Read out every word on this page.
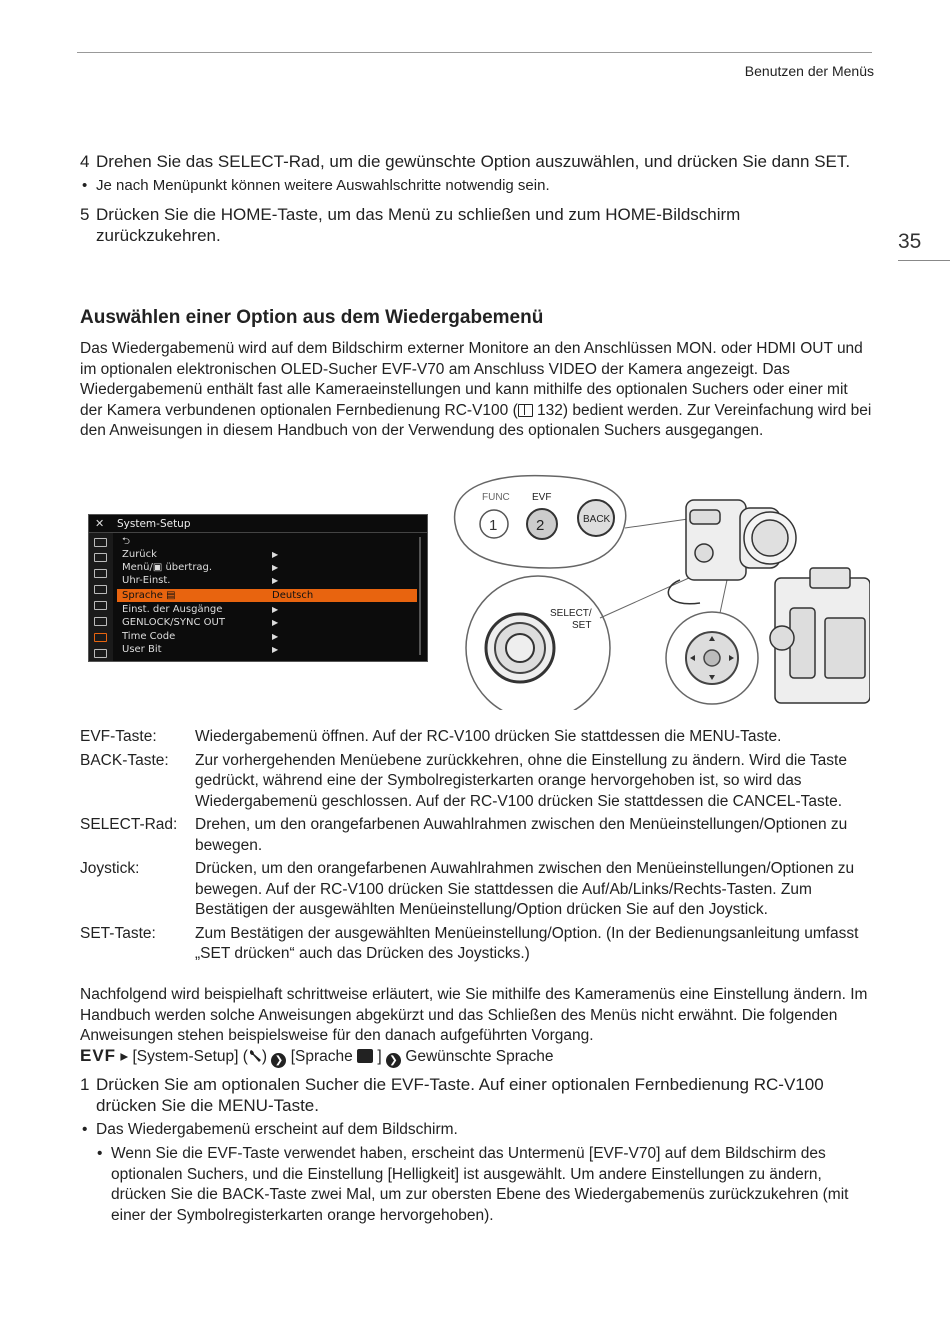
Benutzen der Menüs
35
4 Drehen Sie das SELECT-Rad, um die gewünschte Option auszuwählen, und drücken Sie dann SET.
• Je nach Menüpunkt können weitere Auswahlschritte notwendig sein.
5 Drücken Sie die HOME-Taste, um das Menü zu schließen und zum HOME-Bildschirm zurückzukehren.
Auswählen einer Option aus dem Wiedergabemenü
Das Wiedergabemenü wird auf dem Bildschirm externer Monitore an den Anschlüssen MON. oder HDMI OUT und im optionalen elektronischen OLED-Sucher EVF-V70 am Anschluss VIDEO der Kamera angezeigt. Das Wiedergabemenü enthält fast alle Kameraeinstellungen und kann mithilfe des optionalen Suchers oder einer mit der Kamera verbundenen optionalen Fernbedienung RC-V100 ( 132) bedient werden. Zur Vereinfachung wird bei den Anweisungen in diesem Handbuch von der Verwendung des optionalen Suchers ausgegangen.
✕ System-Setup
⮌
Zurück	▶
Menü/▣ übertrag.	▶
Uhr-Einst.	▶
Sprache ▤	Deutsch
Einst. der Ausgänge	▶
GENLOCK/SYNC OUT	▶
Time Code	▶
User Bit	▶
FUNC EVF
1	2	BACK
SELECT/
SET
EVF-Taste:	Wiedergabemenü öffnen. Auf der RC-V100 drücken Sie stattdessen die MENU-Taste.
BACK-Taste:	Zur vorhergehenden Menüebene zurückkehren, ohne die Einstellung zu ändern. Wird die Taste gedrückt, während eine der Symbolregisterkarten orange hervorgehoben ist, so wird das Wiedergabemenü geschlossen. Auf der RC-V100 drücken Sie stattdessen die CANCEL-Taste.
SELECT-Rad:	Drehen, um den orangefarbenen Auwahlrahmen zwischen den Menüeinstellungen/Optionen zu bewegen.
Joystick:	Drücken, um den orangefarbenen Auwahlrahmen zwischen den Menüeinstellungen/Optionen zu bewegen. Auf der RC-V100 drücken Sie stattdessen die Auf/Ab/Links/Rechts-Tasten. Zum Bestätigen der ausgewählten Menüeinstellung/Option drücken Sie auf den Joystick.
SET-Taste:	Zum Bestätigen der ausgewählten Menüeinstellung/Option. (In der Bedienungsanleitung umfasst „SET drücken“ auch das Drücken des Joysticks.)
Nachfolgend wird beispielhaft schrittweise erläutert, wie Sie mithilfe des Kameramenüs eine Einstellung ändern. Im Handbuch werden solche Anweisungen abgekürzt und das Schließen des Menüs nicht erwähnt. Die folgenden Anweisungen stehen beispielsweise für den danach aufgeführten Vorgang.
EVF ▸ [System-Setup] ( ) ❯ [Sprache ] ❯ Gewünschte Sprache
1 Drücken Sie am optionalen Sucher die EVF-Taste. Auf einer optionalen Fernbedienung RC-V100 drücken Sie die MENU-Taste.
• Das Wiedergabemenü erscheint auf dem Bildschirm.
• Wenn Sie die EVF-Taste verwendet haben, erscheint das Untermenü [EVF-V70] auf dem Bildschirm des optionalen Suchers, und die Einstellung [Helligkeit] ist ausgewählt. Um andere Einstellungen zu ändern, drücken Sie die BACK-Taste zwei Mal, um zur obersten Ebene des Wiedergabemenüs zurückzukehren (mit einer der Symbolregisterkarten orange hervorgehoben).
